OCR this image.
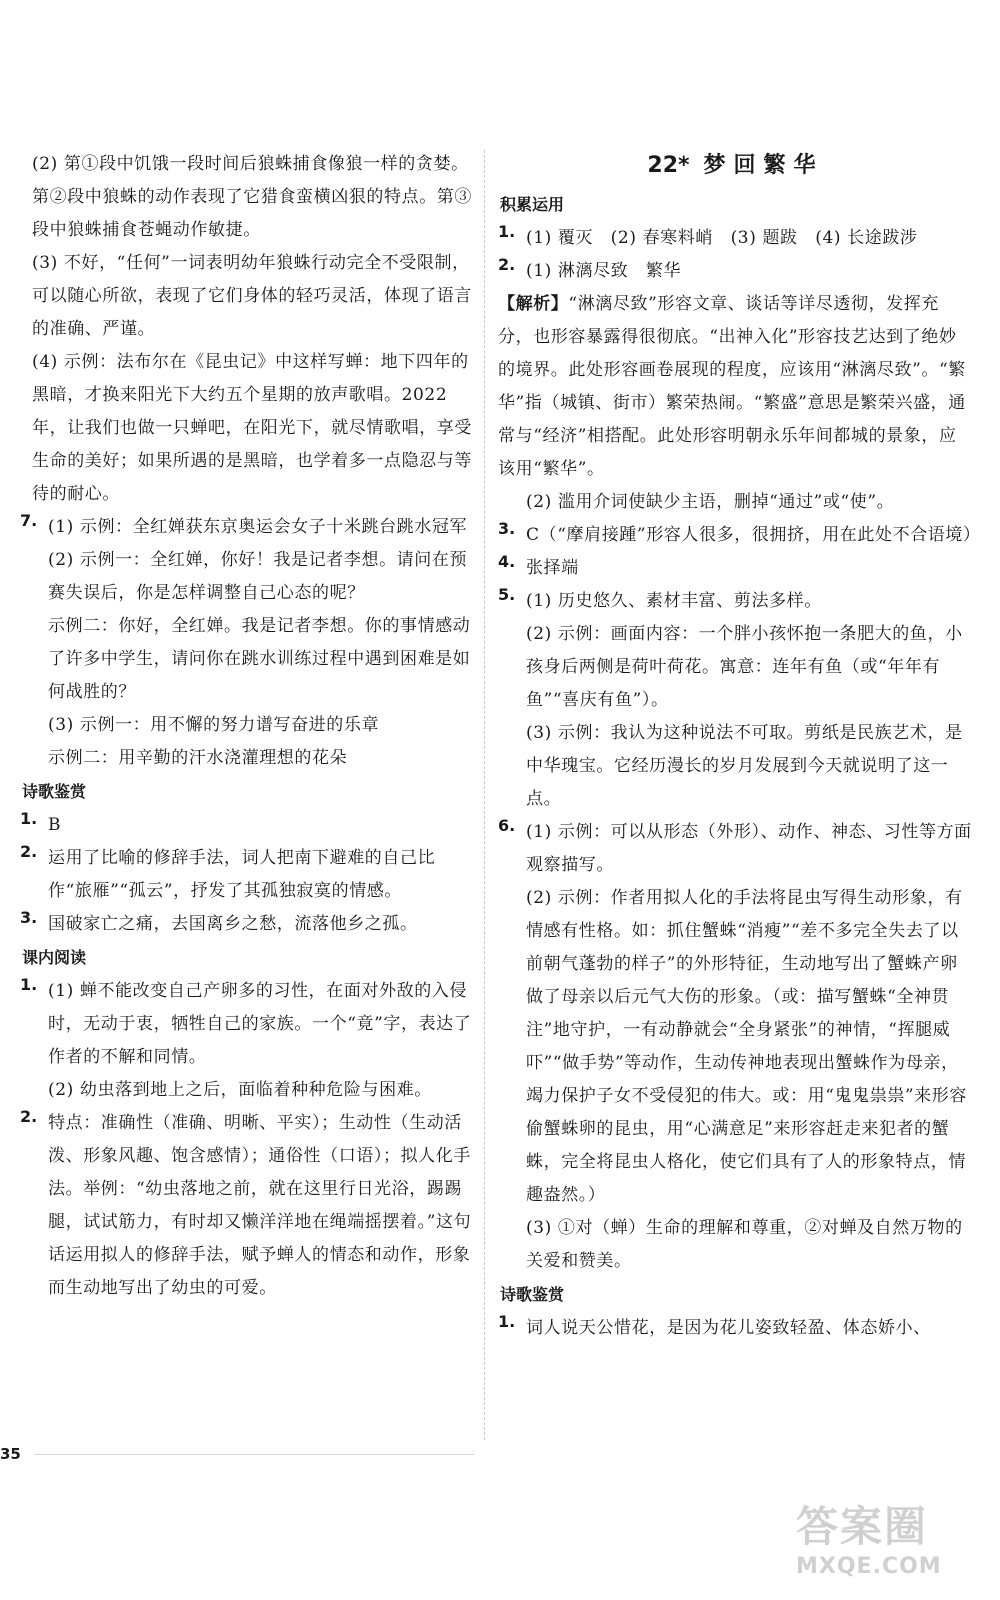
(2) 第①段中饥饿一段时间后狼蛛捕食像狼一样的贪婪。第②段中狼蛛的动作表现了它猎食蛮横凶狠的特点。第③段中狼蛛捕食苍蝇动作敏捷。

(3) 不好，“任何”一词表明幼年狼蛛行动完全不受限制，可以随心所欲，表现了它们身体的轻巧灵活，体现了语言的准确、严谨。

(4) 示例：法布尔在《昆虫记》中这样写蝉：地下四年的黑暗，才换来阳光下大约五个星期的放声歌唱。2022年，让我们也做一只蝉吧，在阳光下，就尽情歌唱，享受生命的美好；如果所遇的是黑暗，也学着多一点隐忍与等待的耐心。

7. (1) 示例：全红婵获东京奥运会女子十米跳台跳水冠军

(2) 示例一：全红婵，你好！我是记者李想。请问在预赛失误后，你是怎样调整自己心态的呢？

示例二：你好，全红婵。我是记者李想。你的事情感动了许多中学生，请问你在跳水训练过程中遇到困难是如何战胜的？

(3) 示例一：用不懈的努力谱写奋进的乐章

示例二：用辛勤的汗水浇灌理想的花朵

诗歌鉴赏

1. B

2. 运用了比喻的修辞手法，词人把南下避难的自己比作“旅雁”“孤云”，抒发了其孤独寂寞的情感。

3. 国破家亡之痛，去国离乡之愁，流落他乡之孤。

课内阅读

1. (1) 蝉不能改变自己产卵多的习性，在面对外敌的入侵时，无动于衷，牺牲自己的家族。一个“竟”字，表达了作者的不解和同情。

(2) 幼虫落到地上之后，面临着种种危险与困难。

2. 特点：准确性（准确、明晰、平实）；生动性（生动活泼、形象风趣、饱含感情）；通俗性（口语）；拟人化手法。举例：“幼虫落地之前，就在这里行日光浴，踢踢腿，试试筋力，有时却又懒洋洋地在绳端摇摆着。”这句话运用拟人的修辞手法，赋予蝉人的情态和动作，形象而生动地写出了幼虫的可爱。

22* 梦回繁华

积累运用

1. (1) 覆灭　(2) 春寒料峭　(3) 题跋　(4) 长途跋涉

2. (1) 淋漓尽致　繁华

【解析】“淋漓尽致”形容文章、谈话等详尽透彻，发挥充分，也形容暴露得很彻底。“出神入化”形容技艺达到了绝妙的境界。此处形容画卷展现的程度，应该用“淋漓尽致”。“繁华”指（城镇、街市）繁荣热闹。“繁盛”意思是繁荣兴盛，通常与“经济”相搭配。此处形容明朝永乐年间都城的景象，应该用“繁华”。

(2) 滥用介词使缺少主语，删掉“通过”或“使”。

3. C（“摩肩接踵”形容人很多，很拥挤，用在此处不合语境）

4. 张择端

5. (1) 历史悠久、素材丰富、剪法多样。

(2) 示例：画面内容：一个胖小孩怀抱一条肥大的鱼，小孩身后两侧是荷叶荷花。寓意：连年有鱼（或“年年有鱼”“喜庆有鱼”）。

(3) 示例：我认为这种说法不可取。剪纸是民族艺术，是中华瑰宝。它经历漫长的岁月发展到今天就说明了这一点。

6. (1) 示例：可以从形态（外形）、动作、神态、习性等方面观察描写。

(2) 示例：作者用拟人化的手法将昆虫写得生动形象，有情感有性格。如：抓住蟹蛛“消瘦”“差不多完全失去了以前朝气蓬勃的样子”的外形特征，生动地写出了蟹蛛产卵做了母亲以后元气大伤的形象。（或：描写蟹蛛“全神贯注”地守护，一有动静就会“全身紧张”的神情，“挥腿威吓”“做手势”等动作，生动传神地表现出蟹蛛作为母亲，竭力保护子女不受侵犯的伟大。或：用“鬼鬼祟祟”来形容偷蟹蛛卵的昆虫，用“心满意足”来形容赶走来犯者的蟹蛛，完全将昆虫人格化，使它们具有了人的形象特点，情趣盎然。）

(3) ①对（蝉）生命的理解和尊重，②对蝉及自然万物的关爱和赞美。

诗歌鉴赏

1. 词人说天公惜花，是因为花儿姿致轻盈、体态娇小、

35
答案圈
MXQE.COM
